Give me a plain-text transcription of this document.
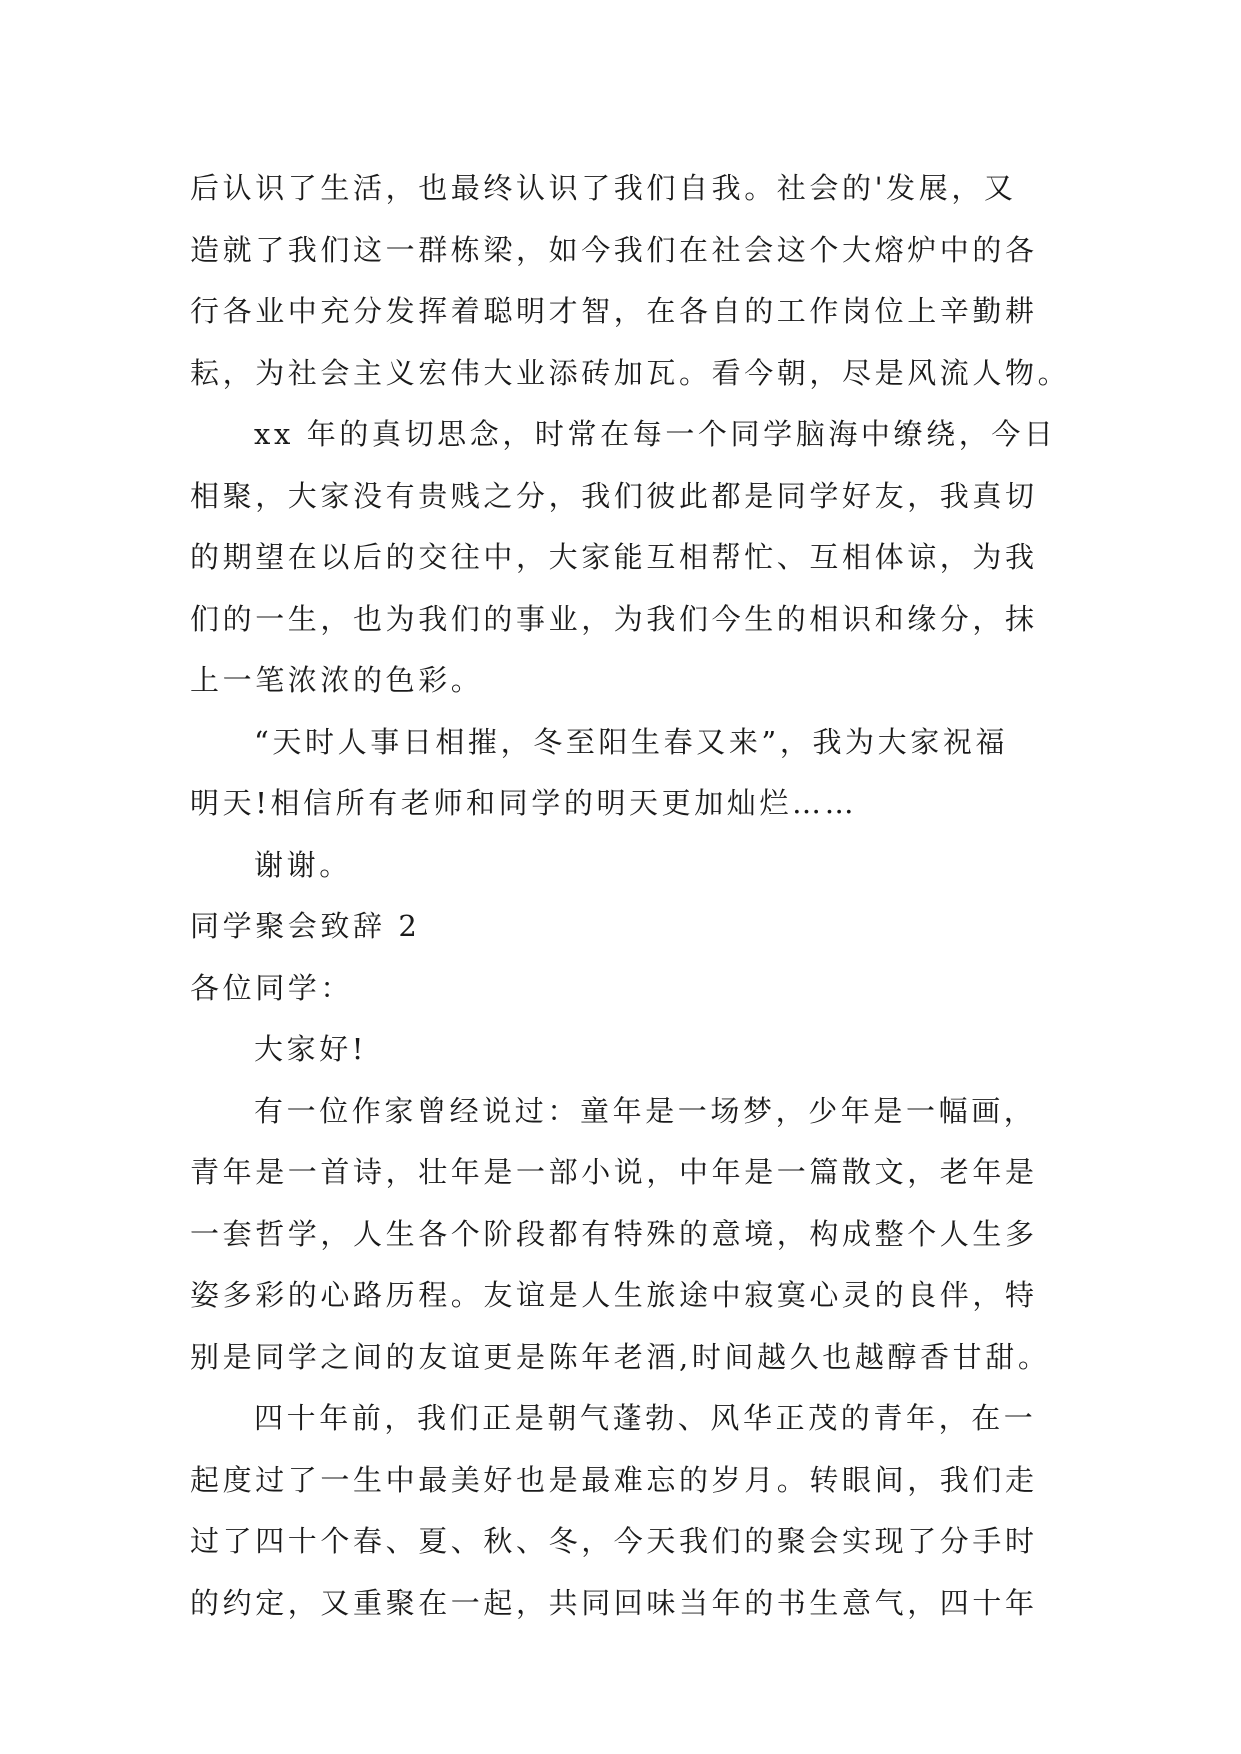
后认识了生活，也最终认识了我们自我。社会的'发展，又
造就了我们这一群栋梁，如今我们在社会这个大熔炉中的各
行各业中充分发挥着聪明才智，在各自的工作岗位上辛勤耕
耘，为社会主义宏伟大业添砖加瓦。看今朝，尽是风流人物。
xx 年的真切思念，时常在每一个同学脑海中缭绕，今日
相聚，大家没有贵贱之分，我们彼此都是同学好友，我真切
的期望在以后的交往中，大家能互相帮忙、互相体谅，为我
们的一生，也为我们的事业，为我们今生的相识和缘分，抹
上一笔浓浓的色彩。
“天时人事日相摧，冬至阳生春又来”，我为大家祝福
明天!相信所有老师和同学的明天更加灿烂……
谢谢。
同学聚会致辞 2
各位同学：
大家好!
有一位作家曾经说过：童年是一场梦，少年是一幅画，
青年是一首诗，壮年是一部小说，中年是一篇散文，老年是
一套哲学，人生各个阶段都有特殊的意境，构成整个人生多
姿多彩的心路历程。友谊是人生旅途中寂寞心灵的良伴，特
别是同学之间的友谊更是陈年老酒,时间越久也越醇香甘甜。
四十年前，我们正是朝气蓬勃、风华正茂的青年，在一
起度过了一生中最美好也是最难忘的岁月。转眼间，我们走
过了四十个春、夏、秋、冬，今天我们的聚会实现了分手时
的约定，又重聚在一起，共同回味当年的书生意气，四十年
